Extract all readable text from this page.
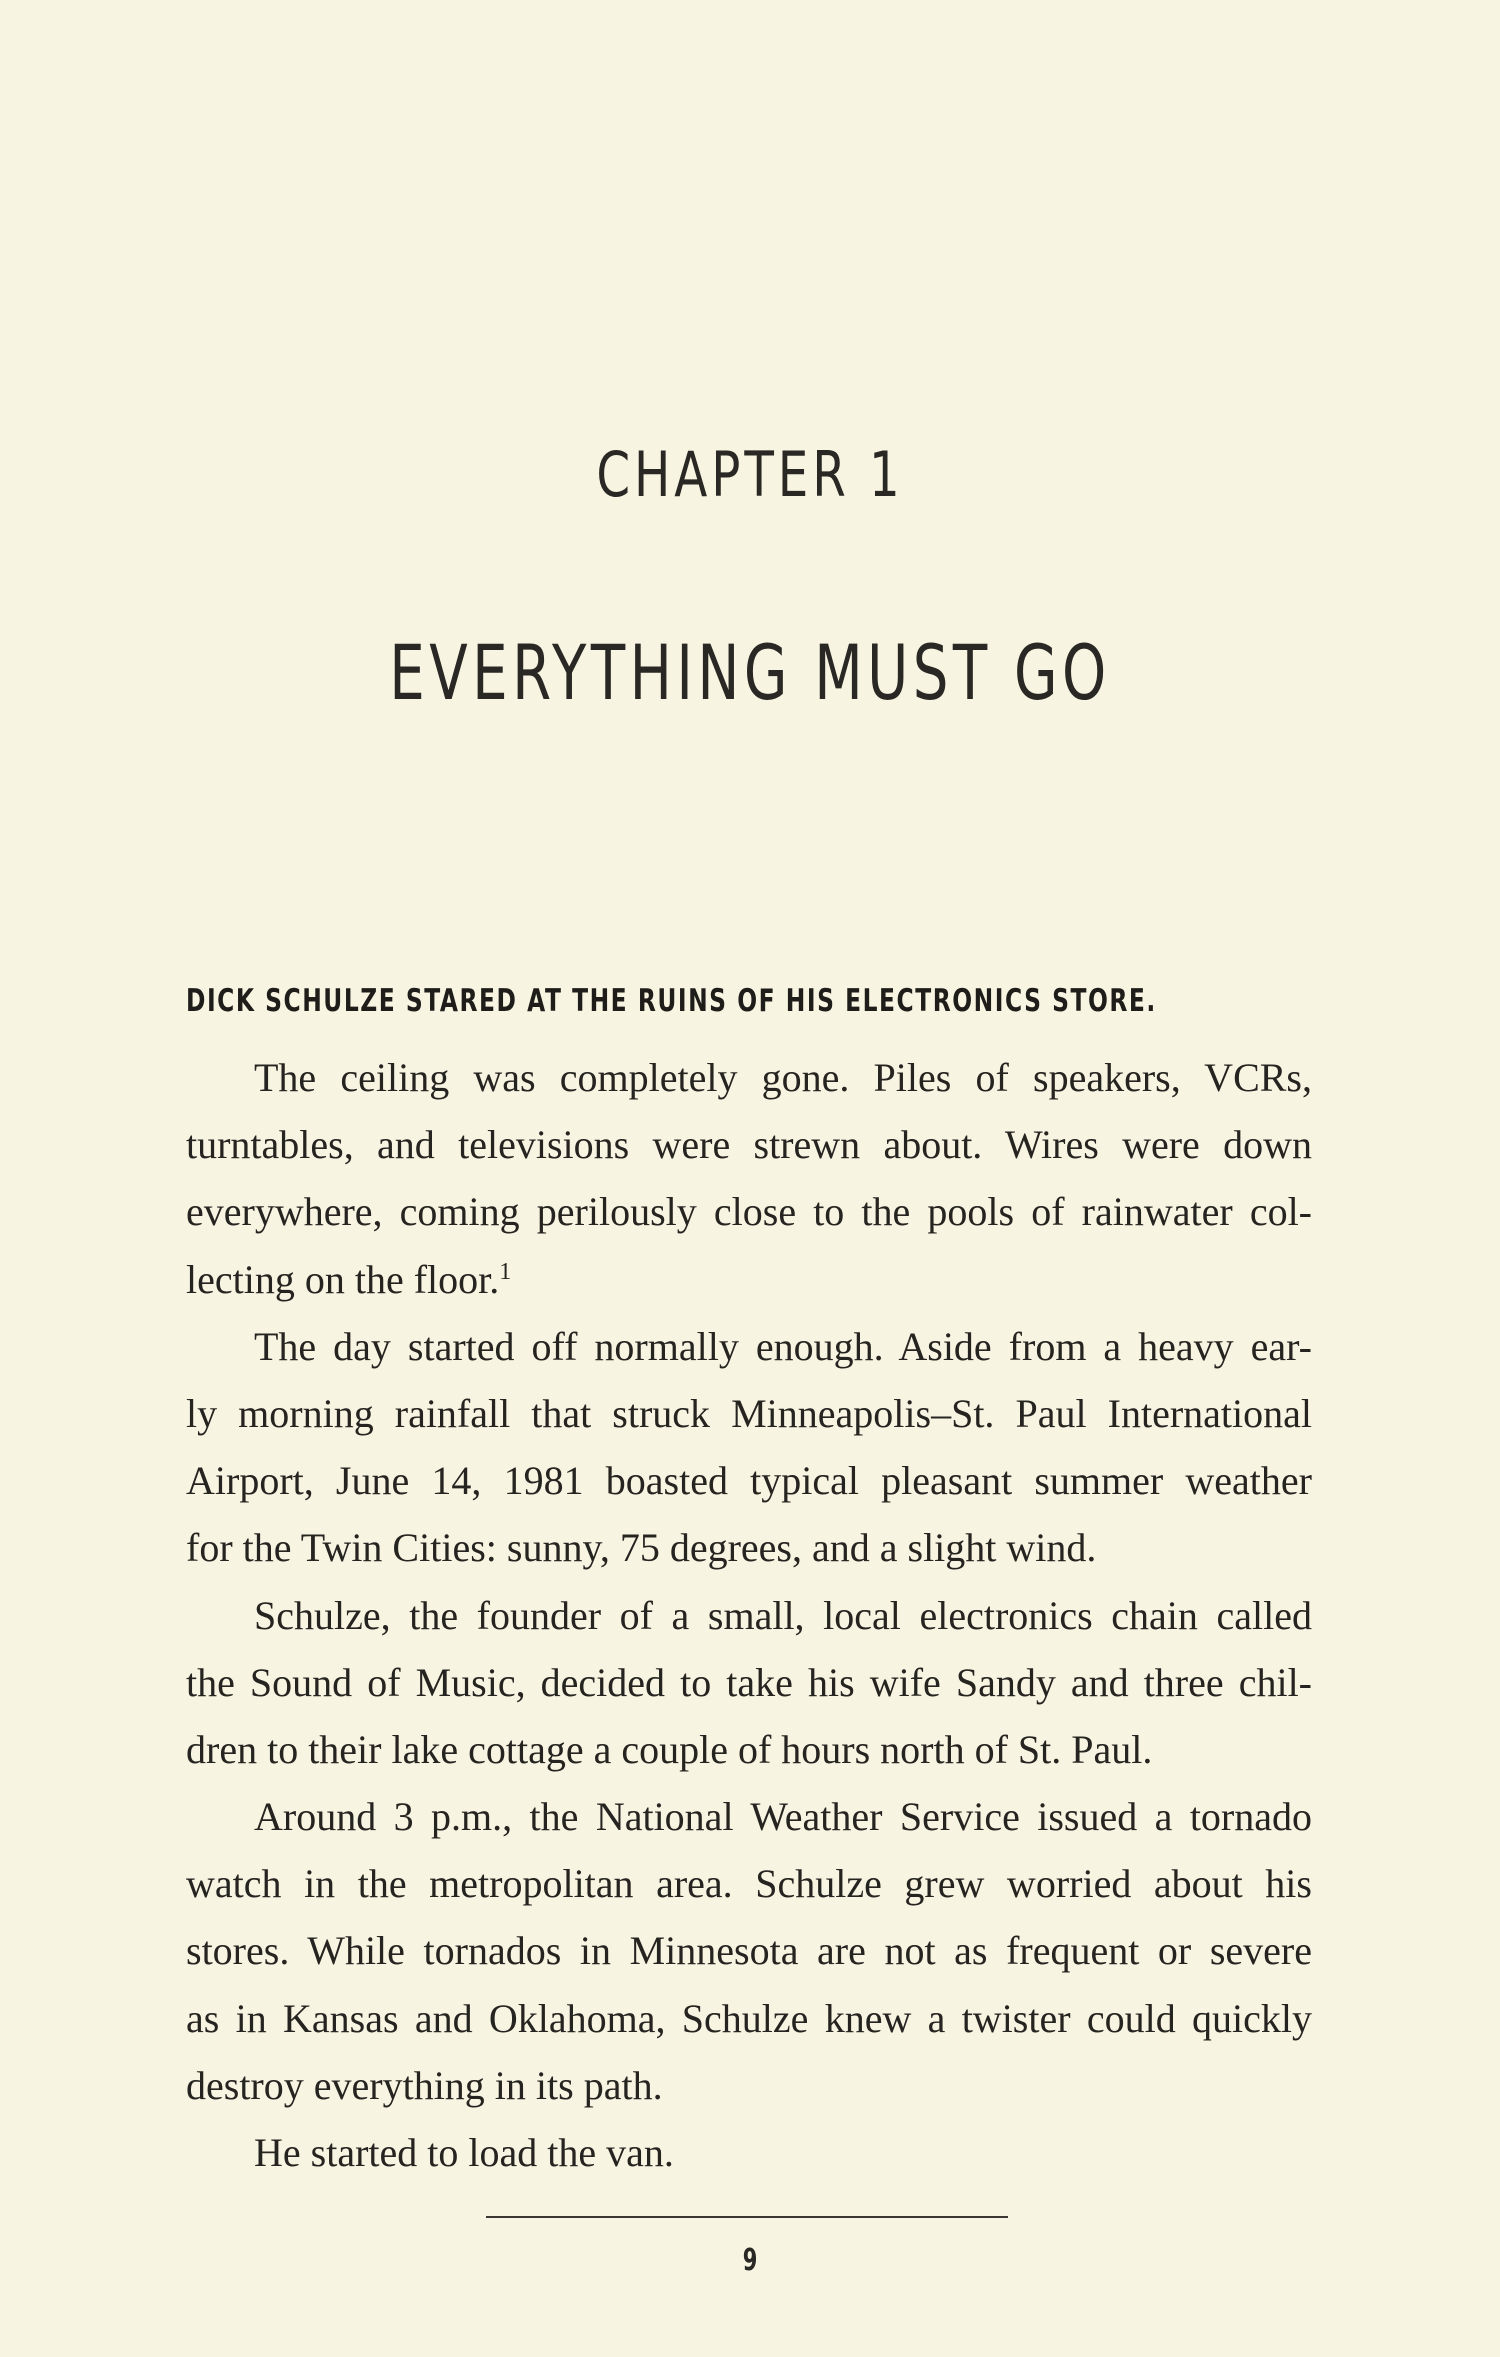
CHAPTER 1
EVERYTHING MUST GO

DICK SCHULZE STARED AT THE RUINS OF HIS ELECTRONICS STORE.

The ceiling was completely gone. Piles of speakers, VCRs,
turntables, and televisions were strewn about. Wires were down
everywhere, coming perilously close to the pools of rainwater col-
lecting on the floor.$^1$
The day started off normally enough. Aside from a heavy ear-
ly morning rainfall that struck Minneapolis–St. Paul International
Airport, June 14, 1981 boasted typical pleasant summer weather
for the Twin Cities: sunny, 75 degrees, and a slight wind.
Schulze, the founder of a small, local electronics chain called
the Sound of Music, decided to take his wife Sandy and three chil-
dren to their lake cottage a couple of hours north of St. Paul.
Around 3 p.m., the National Weather Service issued a tornado
watch in the metropolitan area. Schulze grew worried about his
stores. While tornados in Minnesota are not as frequent or severe
as in Kansas and Oklahoma, Schulze knew a twister could quickly
destroy everything in its path.
He started to load the van.
9
